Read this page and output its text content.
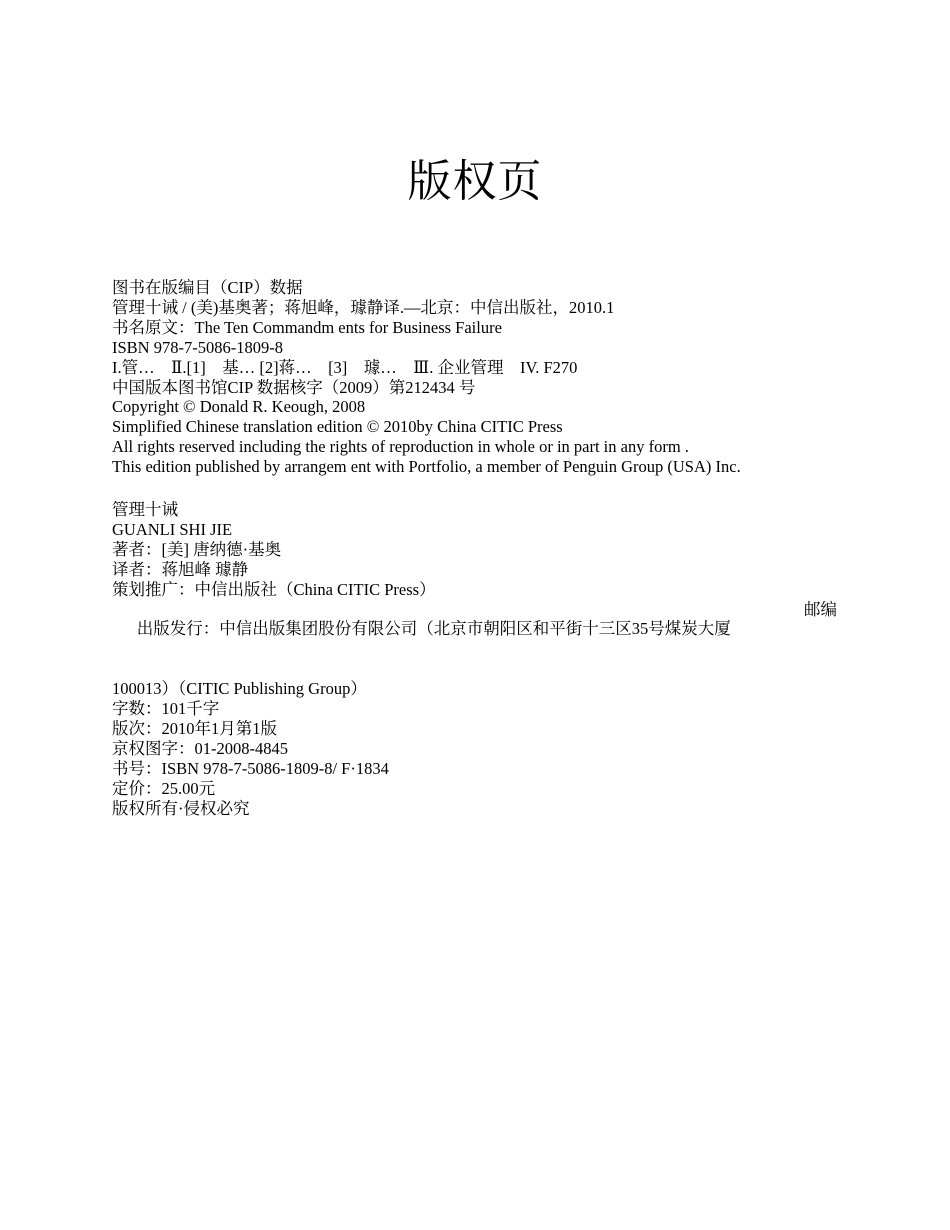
版权页
图书在版编目（CIP）数据
管理十诫 / (美)基奥著；蒋旭峰，璩静译.—北京：中信出版社，2010.1
书名原文：The Ten Commandm ents for Business Failure
ISBN 978-7-5086-1809-8
I.管…　Ⅱ.[1]　基… [2]蒋…　[3]　璩…　Ⅲ. 企业管理　IV. F270
中国版本图书馆CIP 数据核字（2009）第212434 号
Copyright © Donald R. Keough, 2008
Simplified Chinese translation edition © 2010by China CITIC Press
All rights reserved including the rights of reproduction in whole or in part in any form .
This edition published by arrangem ent with Portfolio, a member of Penguin Group (USA) Inc.
管理十诫
GUANLI SHI JIE
著者：[美] 唐纳德·基奥
译者：蒋旭峰 璩静
策划推广：中信出版社（China CITIC Press）

出版发行：中信出版集团股份有限公司（北京市朝阳区和平街十三区35号煤炭大厦

邮编

100013）（CITIC Publishing Group）
字数：101千字
版次：2010年1月第1版
京权图字：01-2008-4845
书号：ISBN 978-7-5086-1809-8/ F·1834
定价：25.00元
版权所有·侵权必究
